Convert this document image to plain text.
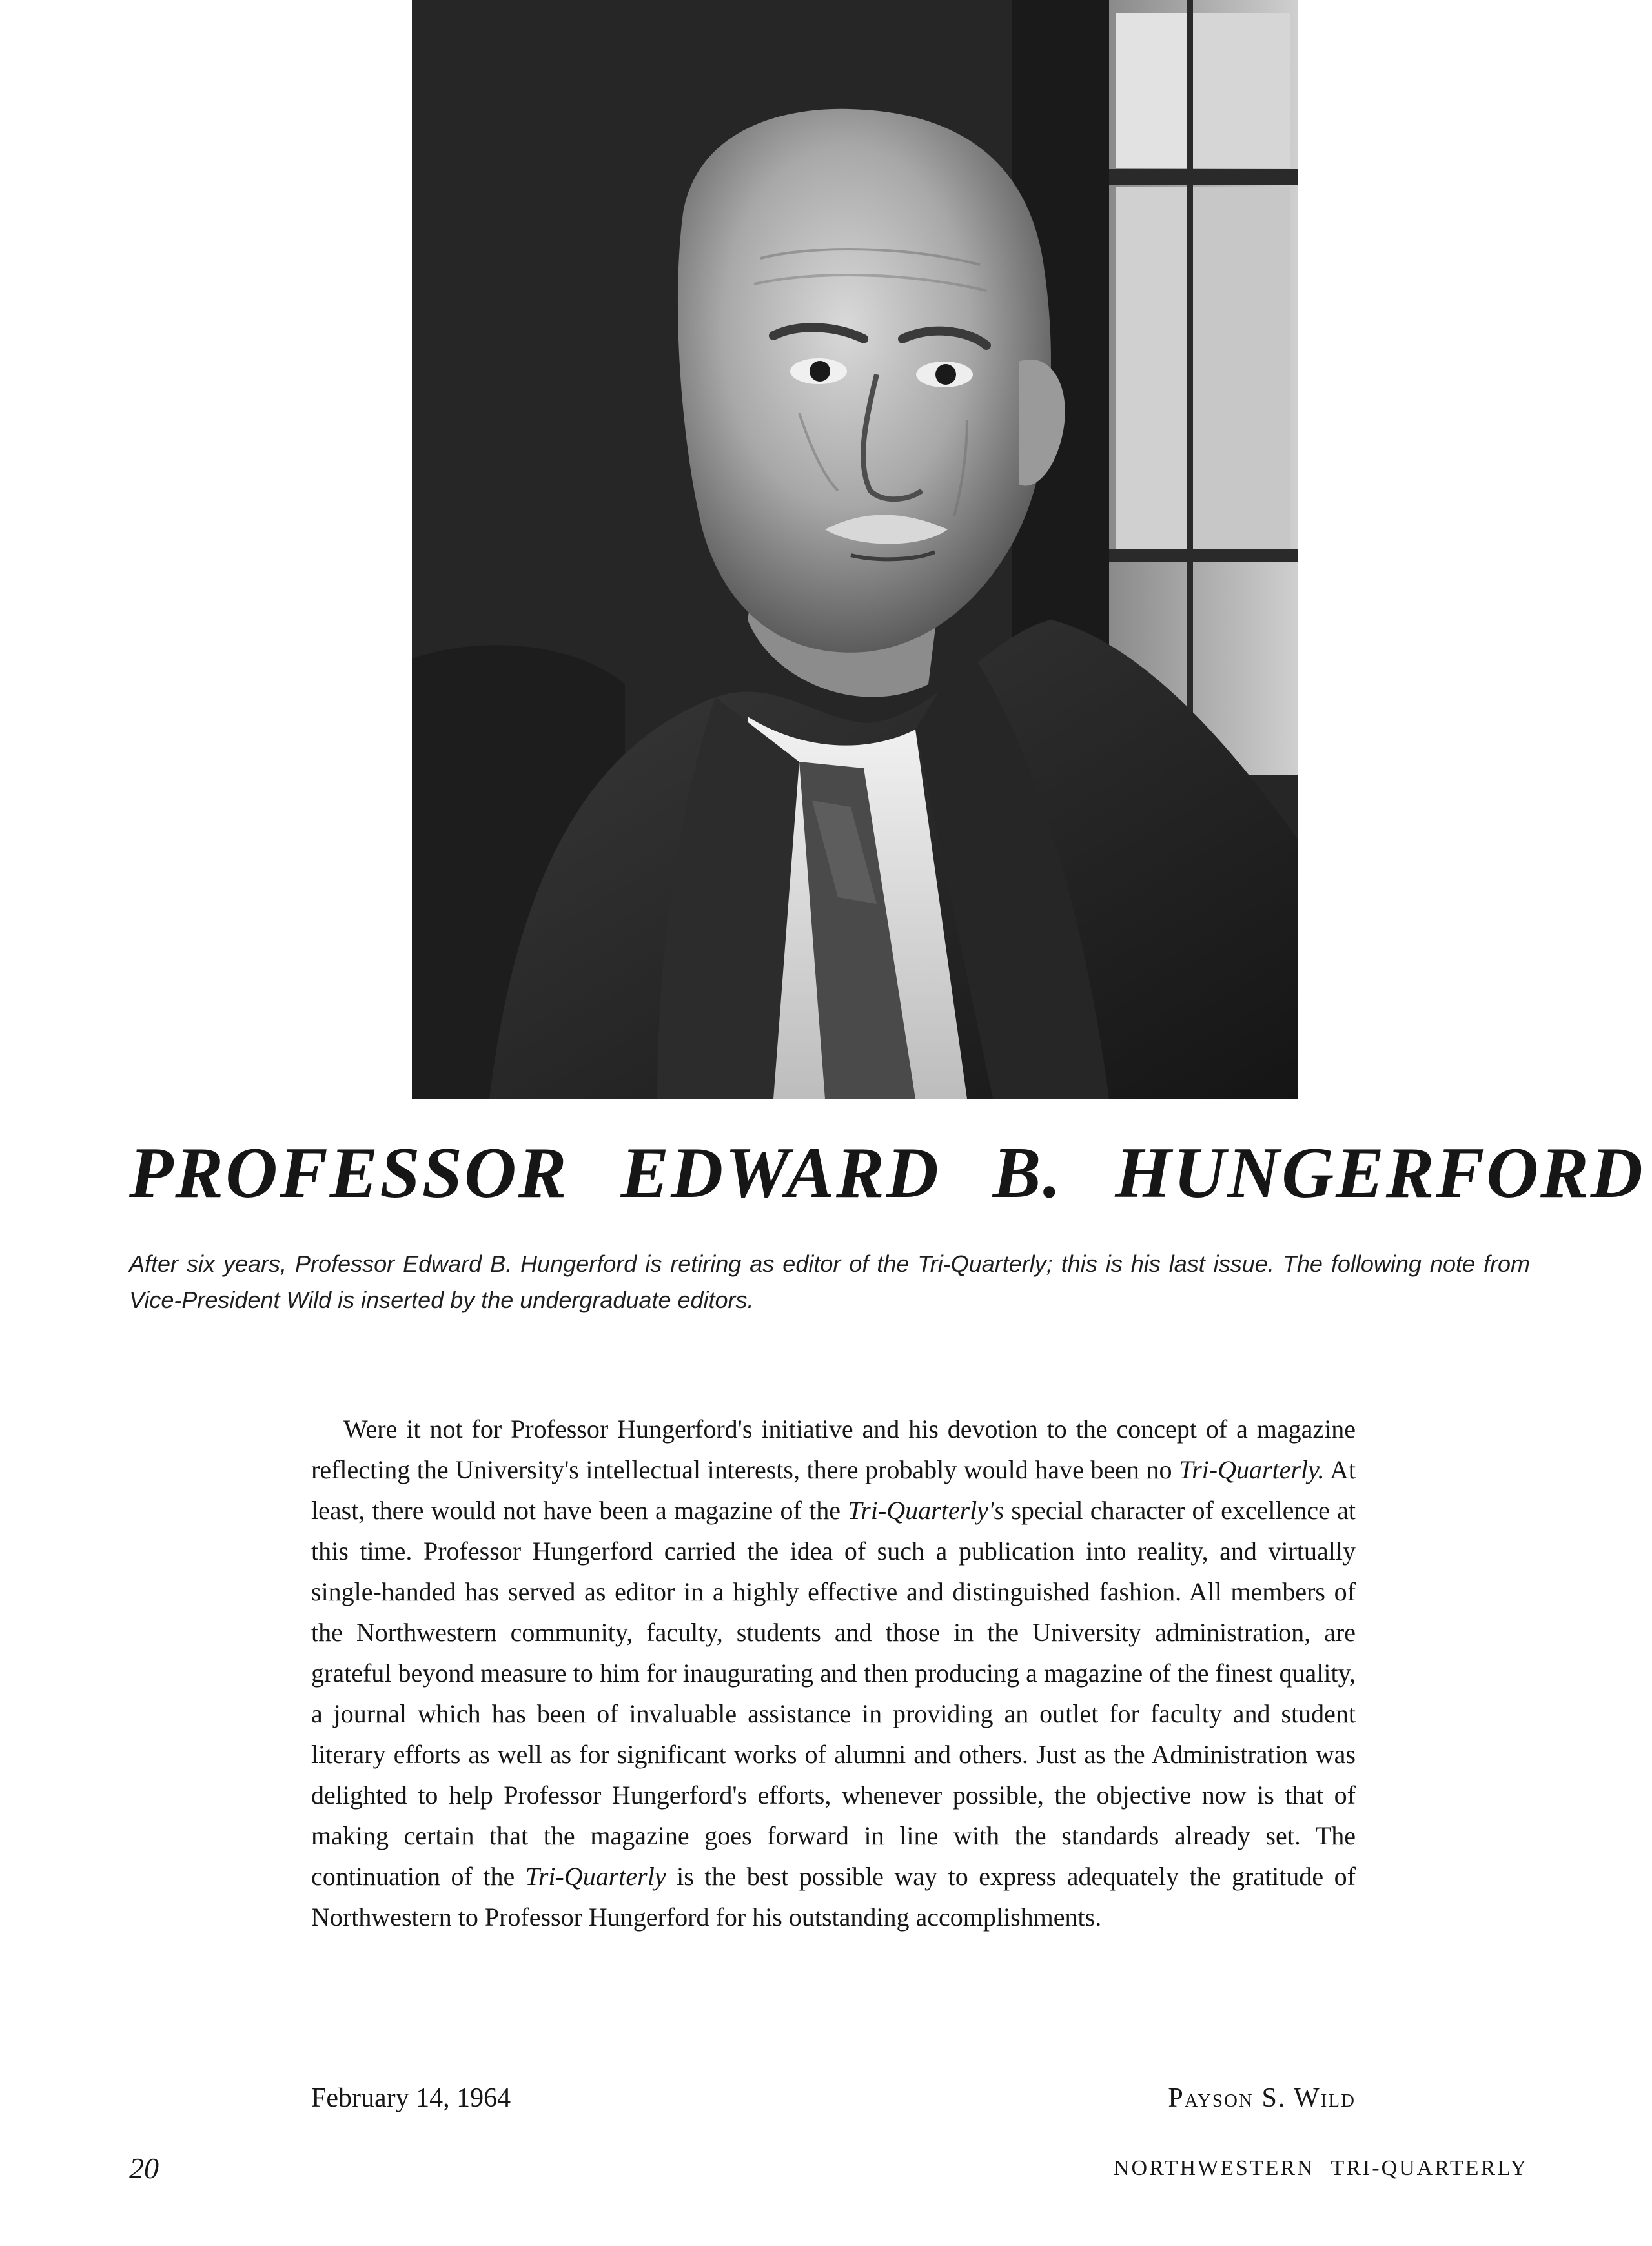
PROFESSOR EDWARD B. HUNGERFORD

After six years, Professor Edward B. Hungerford is retiring as editor of the Tri-Quarterly; this is his last issue. The following note from Vice-President Wild is inserted by the undergraduate editors.

Were it not for Professor Hungerford's initiative and his devotion to the concept of a magazine reflecting the University's intellectual interests, there probably would have been no Tri-Quarterly. At least, there would not have been a magazine of the Tri-Quarterly's special character of excellence at this time. Professor Hungerford carried the idea of such a publication into reality, and virtually single-handed has served as editor in a highly effective and distinguished fashion. All members of the Northwestern community, faculty, students and those in the University administration, are grateful beyond measure to him for inaugurating and then producing a magazine of the finest quality, a journal which has been of invaluable assistance in providing an outlet for faculty and student literary efforts as well as for significant works of alumni and others. Just as the Administration was delighted to help Professor Hungerford's efforts, whenever possible, the objective now is that of making certain that the magazine goes forward in line with the standards already set. The continuation of the Tri-Quarterly is the best possible way to express adequately the gratitude of Northwestern to Professor Hungerford for his outstanding accomplishments.

February 14, 1964	Payson S. Wild

20	NORTHWESTERN TRI-QUARTERLY
